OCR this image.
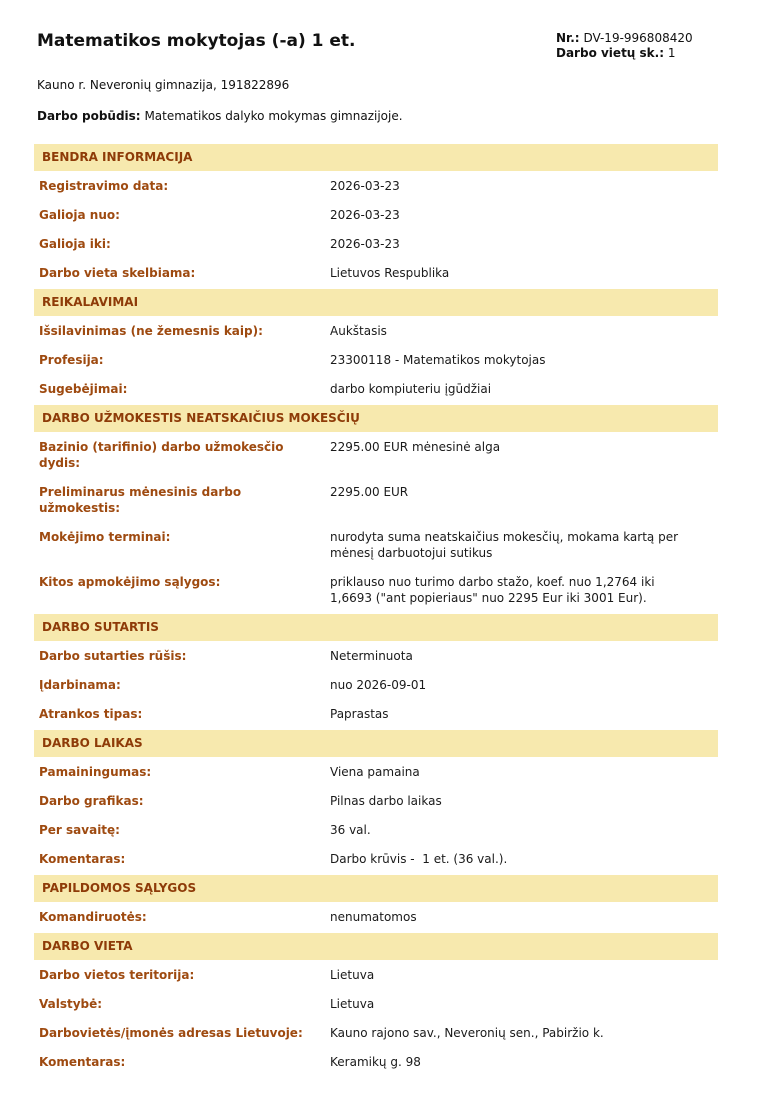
Matematikos mokytojas (-a) 1 et.	Nr.: DV-19-996808420
Darbo vietų sk.: 1
Kauno r. Neveronių gimnazija, 191822896
Darbo pobūdis: Matematikos dalyko mokymas gimnazijoje.
BENDRA INFORMACIJA
Registravimo data:	2026-03-23
Galioja nuo:	2026-03-23
Galioja iki:	2026-03-23
Darbo vieta skelbiama:	Lietuvos Respublika
REIKALAVIMAI
Išsilavinimas (ne žemesnis kaip):	Aukštasis
Profesija:	23300118 - Matematikos mokytojas
Sugebėjimai:	darbo kompiuteriu įgūdžiai
DARBO UŽMOKESTIS NEATSKAIČIUS MOKESČIŲ
Bazinio (tarifinio) darbo užmokesčio dydis:
2295.00 EUR mėnesinė alga
Preliminarus mėnesinis darbo užmokestis:
2295.00 EUR
Mokėjimo terminai:	nurodyta suma neatskaičius mokesčių, mokama kartą per mėnesį darbuotojui sutikus
Kitos apmokėjimo sąlygos:	priklauso nuo turimo darbo stažo, koef. nuo 1,2764 iki 1,6693 ("ant popieriaus" nuo 2295 Eur iki 3001 Eur).
DARBO SUTARTIS
Darbo sutarties rūšis:	Neterminuota
Įdarbinama:	nuo 2026-09-01
Atrankos tipas:	Paprastas
DARBO LAIKAS
Pamainingumas:	Viena pamaina
Darbo grafikas:	Pilnas darbo laikas
Per savaitę:	36 val.
Komentaras:	Darbo krūvis -  1 et. (36 val.).
PAPILDOMOS SĄLYGOS
Komandiruotės:	nenumatomos
DARBO VIETA
Darbo vietos teritorija:	Lietuva
Valstybė:	Lietuva
Darbovietės/įmonės adresas Lietuvoje:	Kauno rajono sav., Neveronių sen., Pabiržio k.
Komentaras:	Keramikų g. 98
